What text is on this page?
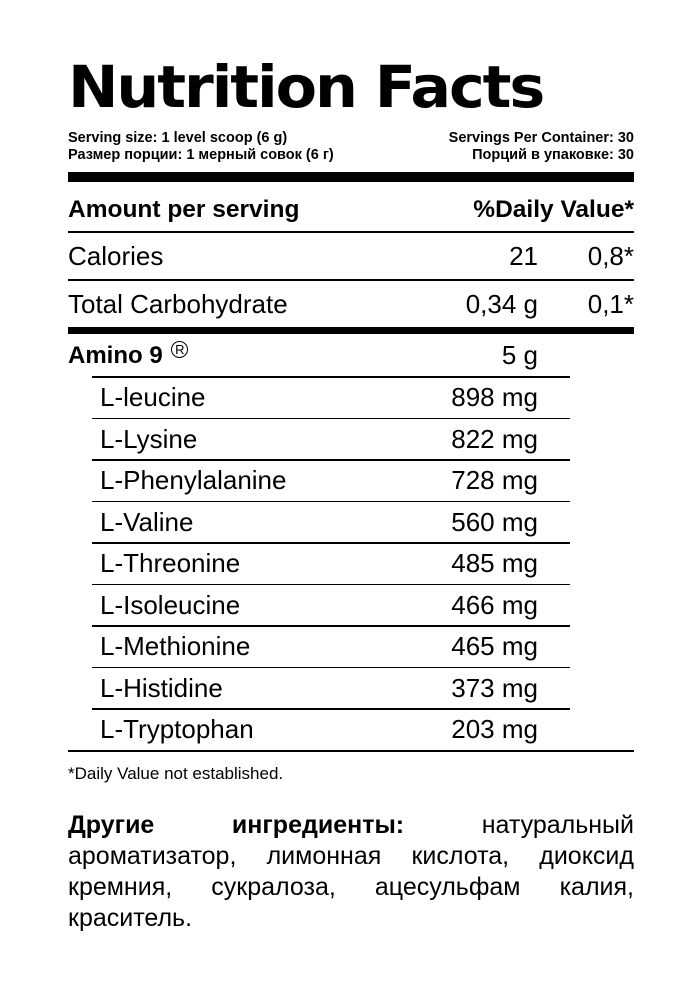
Nutrition Facts
Serving size: 1 level scoop (6 g)	Servings Per Container: 30
Размер порции: 1 мерный совок (6 г)	Порций в упаковке: 30
Amount per serving	%Daily Value*
Calories	21	0,8*
Total Carbohydrate	0,34 g	0,1*
Amino 9 R	5 g
L-leucine	898 mg
L-Lysine	822 mg
L-Phenylalanine	728 mg
L-Valine	560 mg
L-Threonine	485 mg
L-Isoleucine	466 mg
L-Methionine	465 mg
L-Histidine	373 mg
L-Tryptophan	203 mg
*Daily Value not established.
Другие ингредиенты:	натуральный ароматизатор, лимонная кислота, диоксид кремния, сукралоза, ацесульфам калия, краситель.
